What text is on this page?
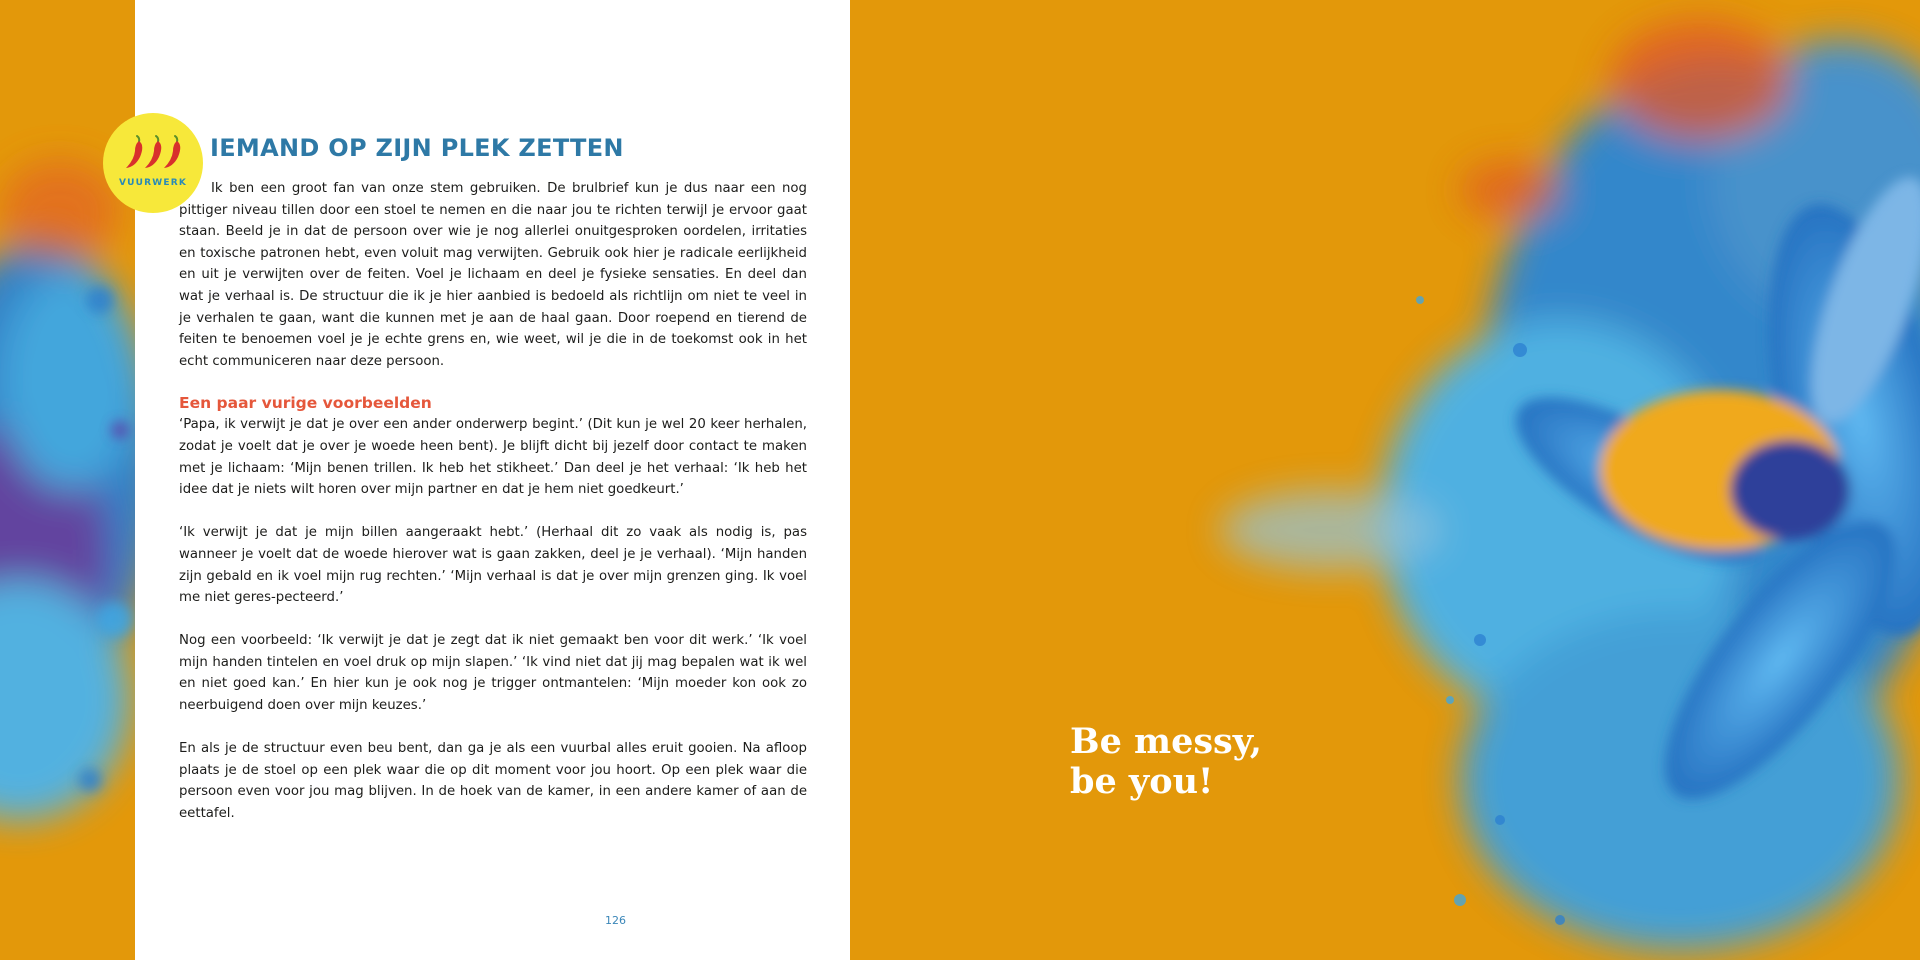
126
VUURWERK
IEMAND OP ZIJN PLEK ZETTEN

Ik ben een groot fan van onze stem gebruiken. De brulbrief kun je dus naar een nog pittiger niveau tillen door een stoel te nemen en die naar jou te richten terwijl je ervoor gaat staan. Beeld je in dat de persoon over wie je nog allerlei onuitgesproken oordelen, irritaties en toxische patronen hebt, even voluit mag verwijten. Gebruik ook hier je radicale eerlijkheid en uit je verwijten over de feiten. Voel je lichaam en deel je fysieke sensaties. En deel dan wat je verhaal is. De structuur die ik je hier aanbied is bedoeld als richtlijn om niet te veel in je verhalen te gaan, want die kunnen met je aan de haal gaan. Door roepend en tierend de feiten te benoemen voel je je echte grens en, wie weet, wil je die in de toekomst ook in het echt communiceren naar deze persoon.

Een paar vurige voorbeelden

‘Papa, ik verwijt je dat je over een ander onderwerp begint.’ (Dit kun je wel 20 keer herhalen, zodat je voelt dat je over je woede heen bent). Je blijft dicht bij jezelf door contact te maken met je lichaam: ‘Mijn benen trillen. Ik heb het stikheet.’ Dan deel je het verhaal: ‘Ik heb het idee dat je niets wilt horen over mijn partner en dat je hem niet goedkeurt.’

‘Ik verwijt je dat je mijn billen aangeraakt hebt.’ (Herhaal dit zo vaak als nodig is, pas wanneer je voelt dat de woede hierover wat is gaan zakken, deel je je verhaal). ‘Mijn handen zijn gebald en ik voel mijn rug rechten.’ ‘Mijn verhaal is dat je over mijn grenzen ging. Ik voel me niet geres-pecteerd.’

Nog een voorbeeld: ‘Ik verwijt je dat je zegt dat ik niet gemaakt ben voor dit werk.’ ‘Ik voel mijn handen tintelen en voel druk op mijn slapen.’ ‘Ik vind niet dat jij mag bepalen wat ik wel en niet goed kan.’ En hier kun je ook nog je trigger ontmantelen: ‘Mijn moeder kon ook zo neerbuigend doen over mijn keuzes.’

En als je de structuur even beu bent, dan ga je als een vuurbal alles eruit gooien. Na afloop plaats je de stoel op een plek waar die op dit moment voor jou hoort. Op een plek waar die persoon even voor jou mag blijven. In de hoek van de kamer, in een andere kamer of aan de eettafel.

Be messy,
be you!
